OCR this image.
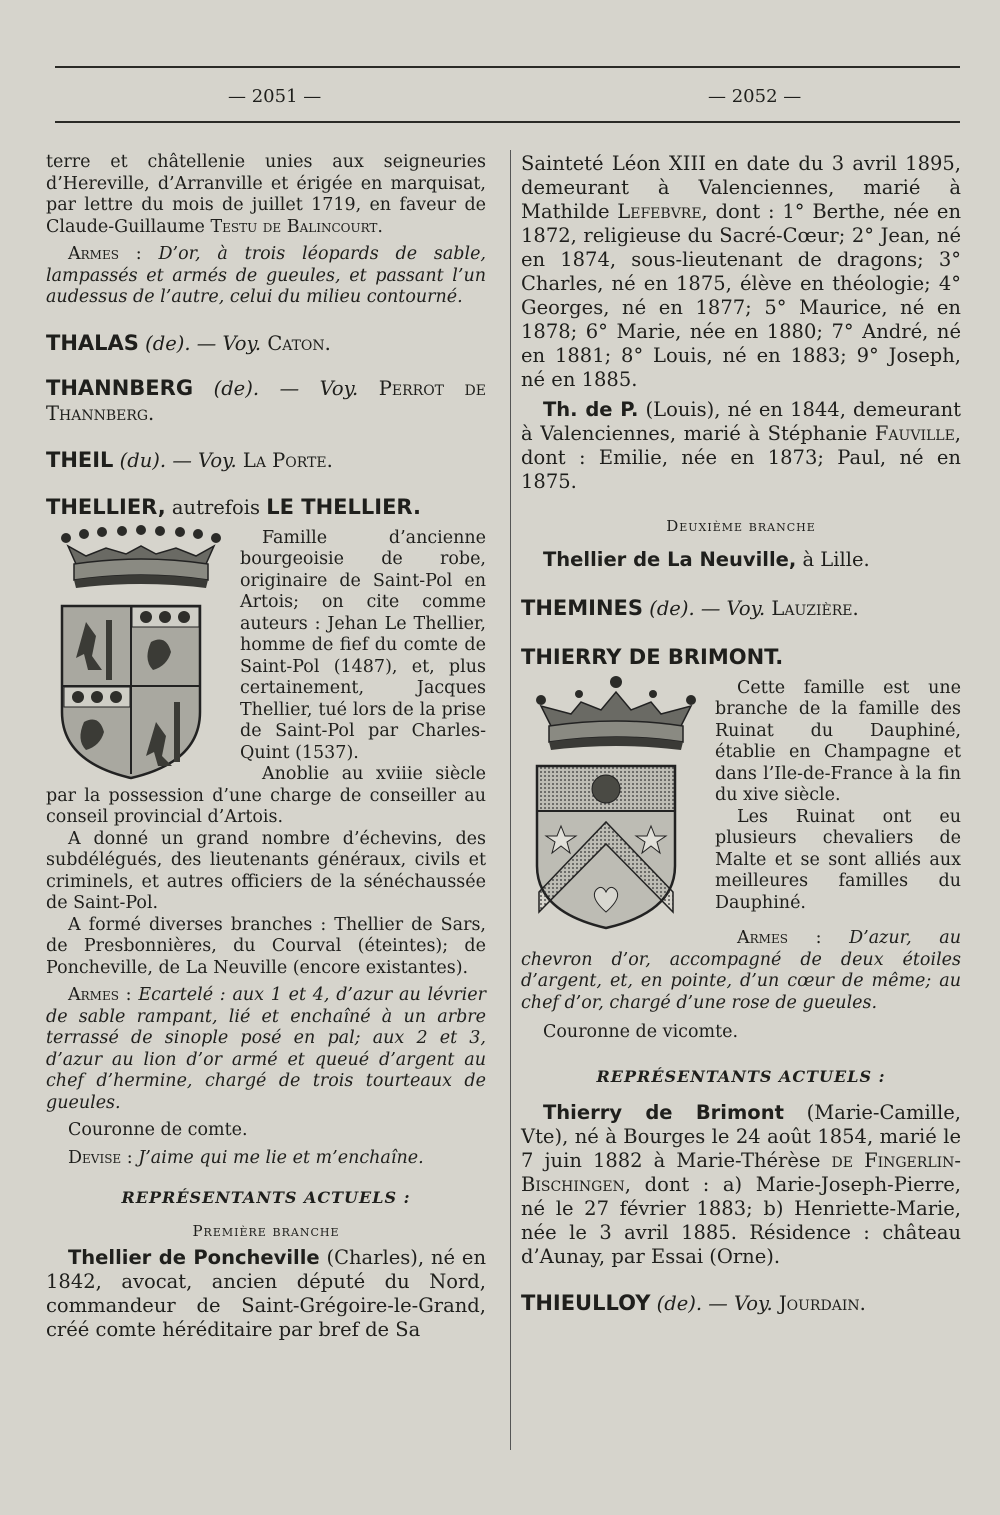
— 2051 —	— 2052 —

terre et châtellenie unies aux seigneuries d’Hereville, d’Arranville et érigée en marquisat, par lettre du mois de juillet 1719, en faveur de Claude-Guillaume Testu de Balincourt.

Armes : D’or, à trois léopards de sable, lampassés et armés de gueules, et passant l’un audessus de l’autre, celui du milieu contourné.

THALAS (de). — Voy. Caton.

THANNBERG (de). — Voy. Perrot de Thannberg.

THEIL (du). — Voy. La Porte.

THELLIER, autrefois LE THELLIER.

Famille d’ancienne bourgeoisie de robe, originaire de Saint-Pol en Artois; on cite comme auteurs : Jehan Le Thellier, homme de fief du comte de Saint-Pol (1487), et, plus certainement, Jacques Thellier, tué lors de la prise de Saint-Pol par Charles-Quint (1537).

Anoblie au xviiie siècle par la possession d’une charge de conseiller au conseil provincial d’Artois.

A donné un grand nombre d’échevins, des subdélégués, des lieutenants généraux, civils et criminels, et autres officiers de la sénéchaussée de Saint-Pol.

A formé diverses branches : Thellier de Sars, de Presbonnières, du Courval (éteintes); de Poncheville, de La Neuville (encore existantes).

Armes : Ecartelé : aux 1 et 4, d’azur au lévrier de sable rampant, lié et enchaîné à un arbre terrassé de sinople posé en pal; aux 2 et 3, d’azur au lion d’or armé et queué d’argent au chef d’hermine, chargé de trois tourteaux de gueules.

Couronne de comte.

Devise : J’aime qui me lie et m’enchaîne.

REPRÉSENTANTS ACTUELS :

Première branche

Thellier de Poncheville (Charles), né en 1842, avocat, ancien député du Nord, commandeur de Saint-Grégoire-le-Grand, créé comte héréditaire par bref de Sa

Sainteté Léon XIII en date du 3 avril 1895, demeurant à Valenciennes, marié à Mathilde Lefebvre, dont : 1° Berthe, née en 1872, religieuse du Sacré-Cœur; 2° Jean, né en 1874, sous-lieutenant de dragons; 3° Charles, né en 1875, élève en théologie; 4° Georges, né en 1877; 5° Maurice, né en 1878; 6° Marie, née en 1880; 7° André, né en 1881; 8° Louis, né en 1883; 9° Joseph, né en 1885.

Th. de P. (Louis), né en 1844, demeurant à Valenciennes, marié à Stéphanie Fauville, dont : Emilie, née en 1873; Paul, né en 1875.

Deuxième branche

Thellier de La Neuville, à Lille.

THEMINES (de). — Voy. Lauzière.

THIERRY DE BRIMONT.

Cette famille est une branche de la famille des Ruinat du Dauphiné, établie en Champagne et dans l’Ile-de-France à la fin du xive siècle.

Les Ruinat ont eu plusieurs chevaliers de Malte et se sont alliés aux meilleures familles du Dauphiné.

Armes : D’azur, au chevron d’or, accompagné de deux étoiles d’argent, et, en pointe, d’un cœur de même; au chef d’or, chargé d’une rose de gueules.

Couronne de vicomte.

REPRÉSENTANTS ACTUELS :

Thierry de Brimont (Marie-Camille, Vte), né à Bourges le 24 août 1854, marié le 7 juin 1882 à Marie-Thérèse de Fingerlin-Bischingen, dont : a) Marie-Joseph-Pierre, né le 27 février 1883; b) Henriette-Marie, née le 3 avril 1885. Résidence : château d’Aunay, par Essai (Orne).

THIEULLOY (de). — Voy. Jourdain.
